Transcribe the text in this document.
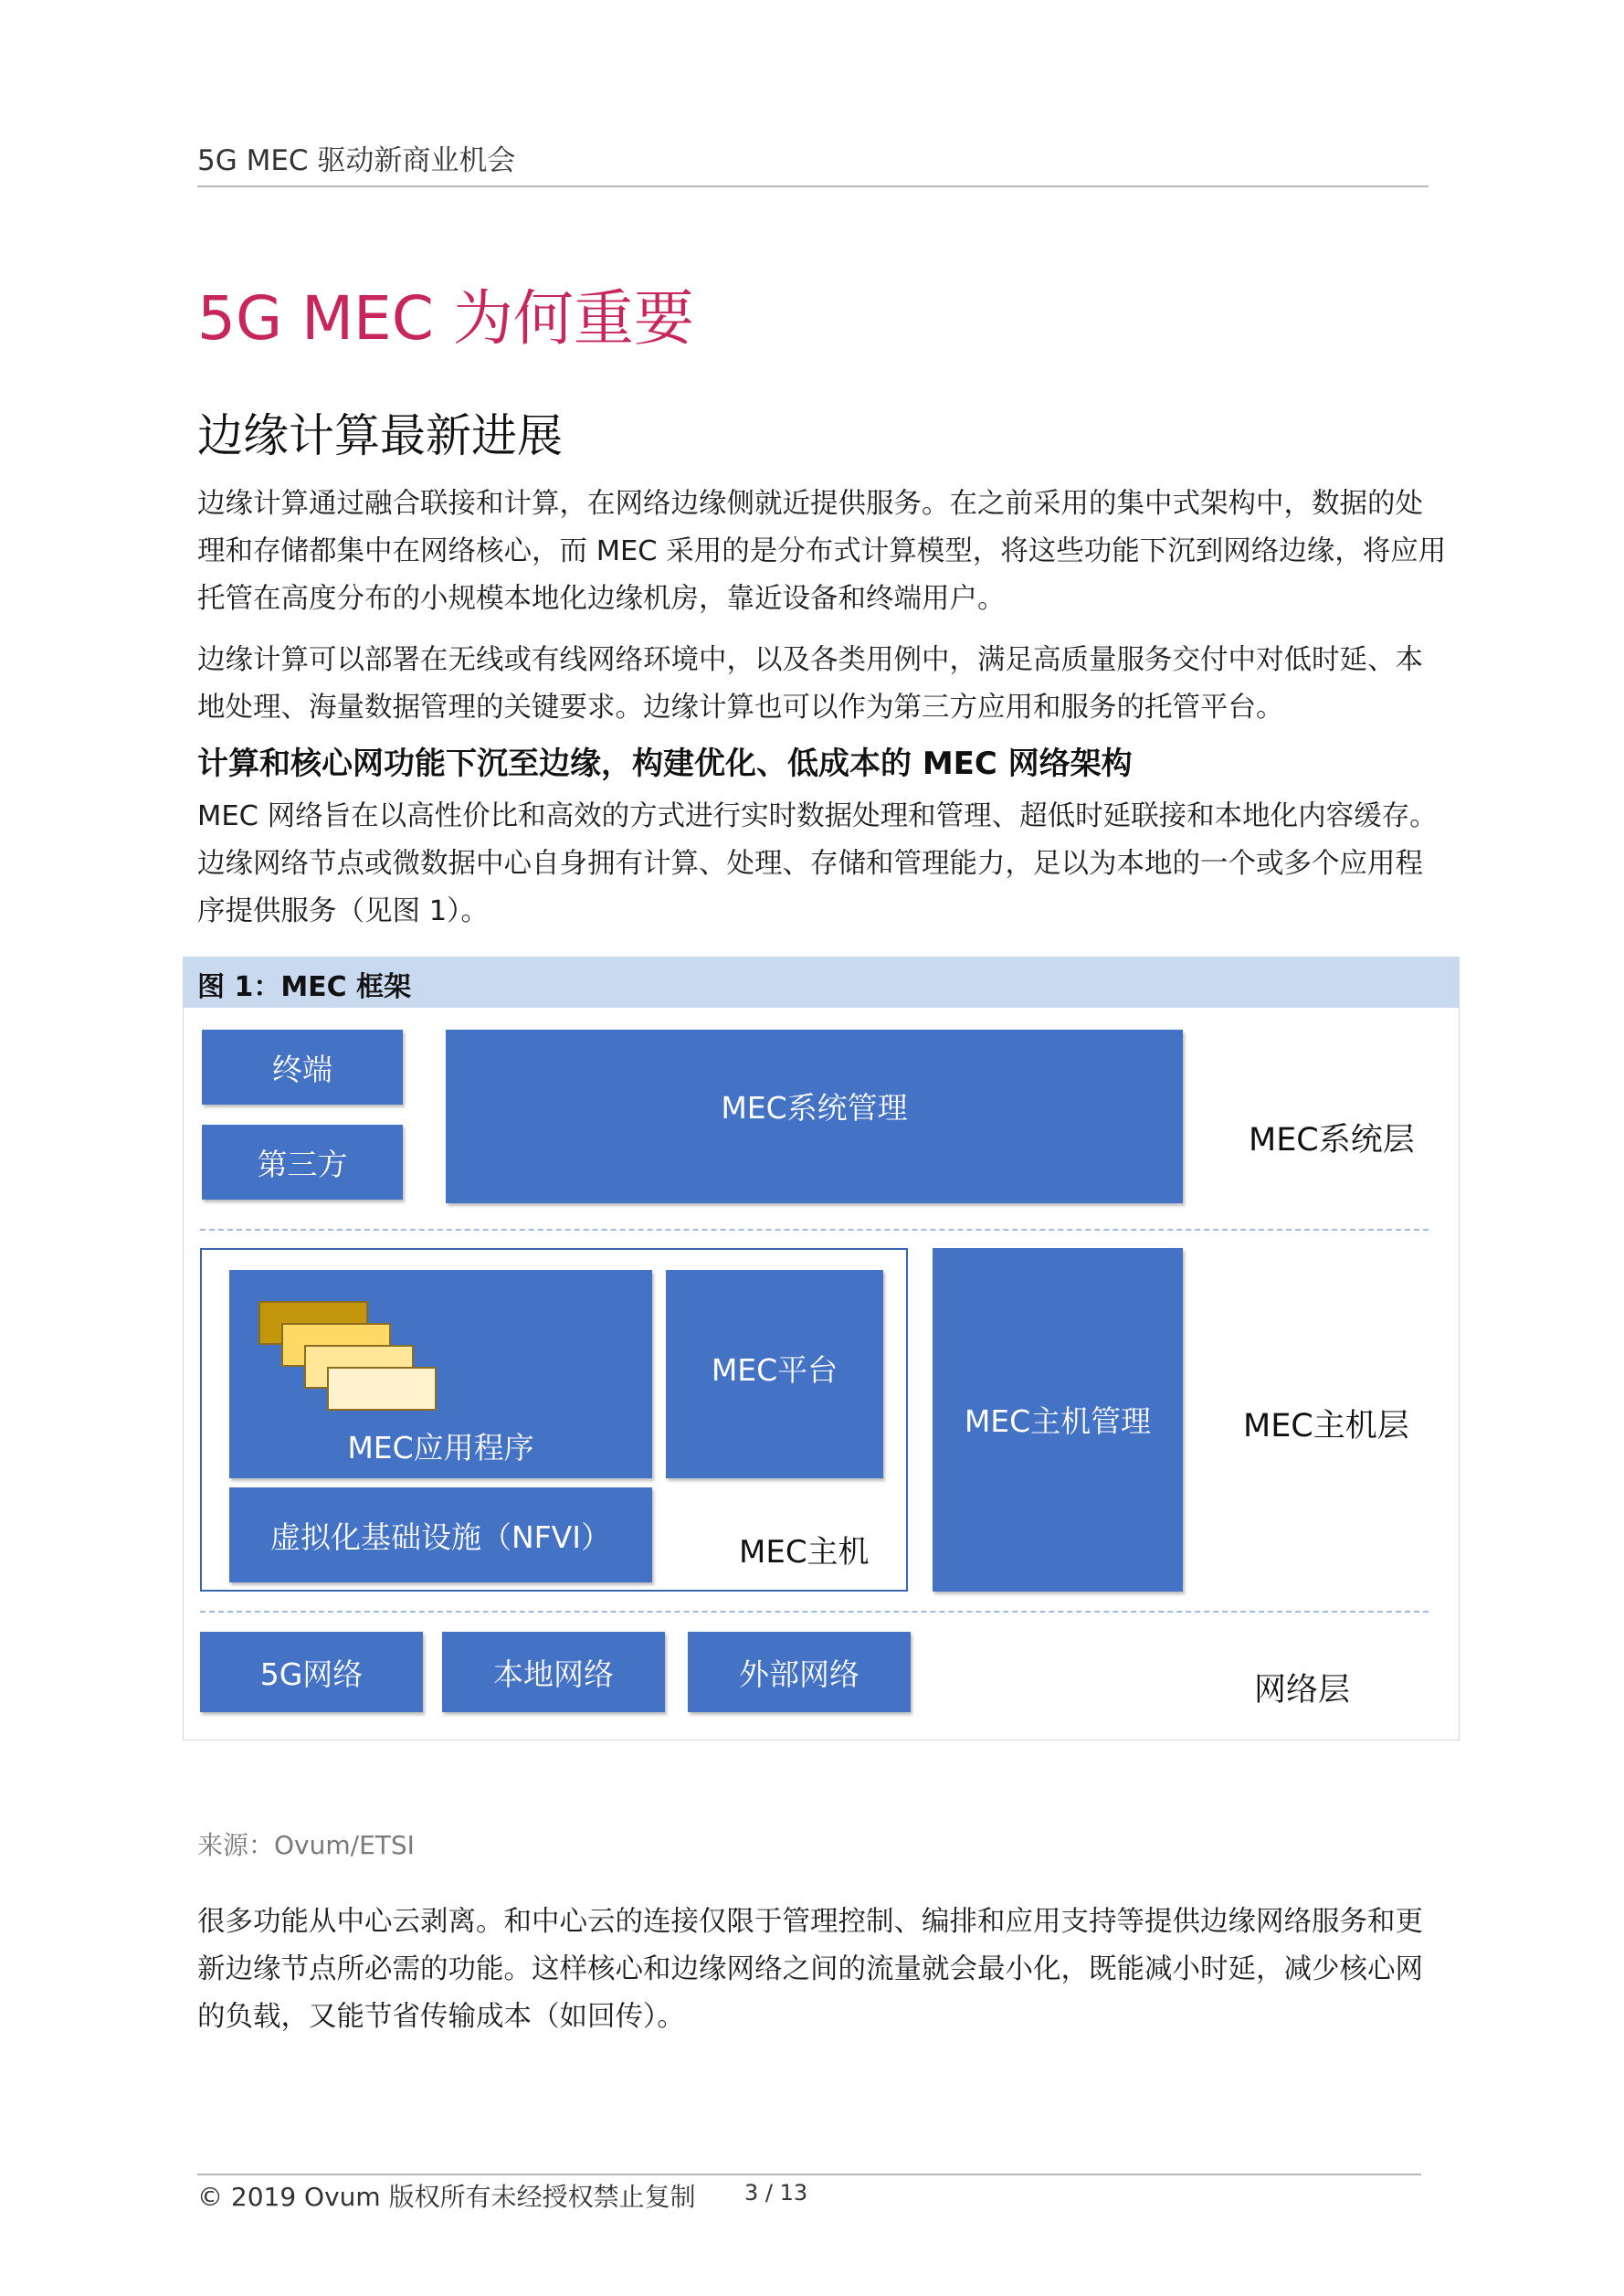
5G MEC 驱动新商业机会
5G MEC 为何重要
边缘计算最新进展

边缘计算通过融合联接和计算，在网络边缘侧就近提供服务。在之前采用的集中式架构中，数据的处理和存储都集中在网络核心，而 MEC 采用的是分布式计算模型，将这些功能下沉到网络边缘，将应用托管在高度分布的小规模本地化边缘机房，靠近设备和终端用户。

边缘计算可以部署在无线或有线网络环境中，以及各类用例中，满足高质量服务交付中对低时延、本地处理、海量数据管理的关键要求。边缘计算也可以作为第三方应用和服务的托管平台。

计算和核心网功能下沉至边缘，构建优化、低成本的 MEC 网络架构

MEC 网络旨在以高性价比和高效的方式进行实时数据处理和管理、超低时延联接和本地化内容缓存。边缘网络节点或微数据中心自身拥有计算、处理、存储和管理能力，足以为本地的一个或多个应用程序提供服务（见图 1）。

图 1：MEC 框架
终端
第三方
MEC系统管理
MEC系统层
MEC应用程序
MEC平台
虚拟化基础设施（NFVI）	MEC主机
MEC主机管理	MEC主机层
5G网络	本地网络	外部网络	网络层
来源：Ovum/ETSI

很多功能从中心云剥离。和中心云的连接仅限于管理控制、编排和应用支持等提供边缘网络服务和更新边缘节点所必需的功能。这样核心和边缘网络之间的流量就会最小化，既能减小时延，减少核心网的负载，又能节省传输成本（如回传）。

© 2019 Ovum 版权所有未经授权禁止复制 3 / 13
